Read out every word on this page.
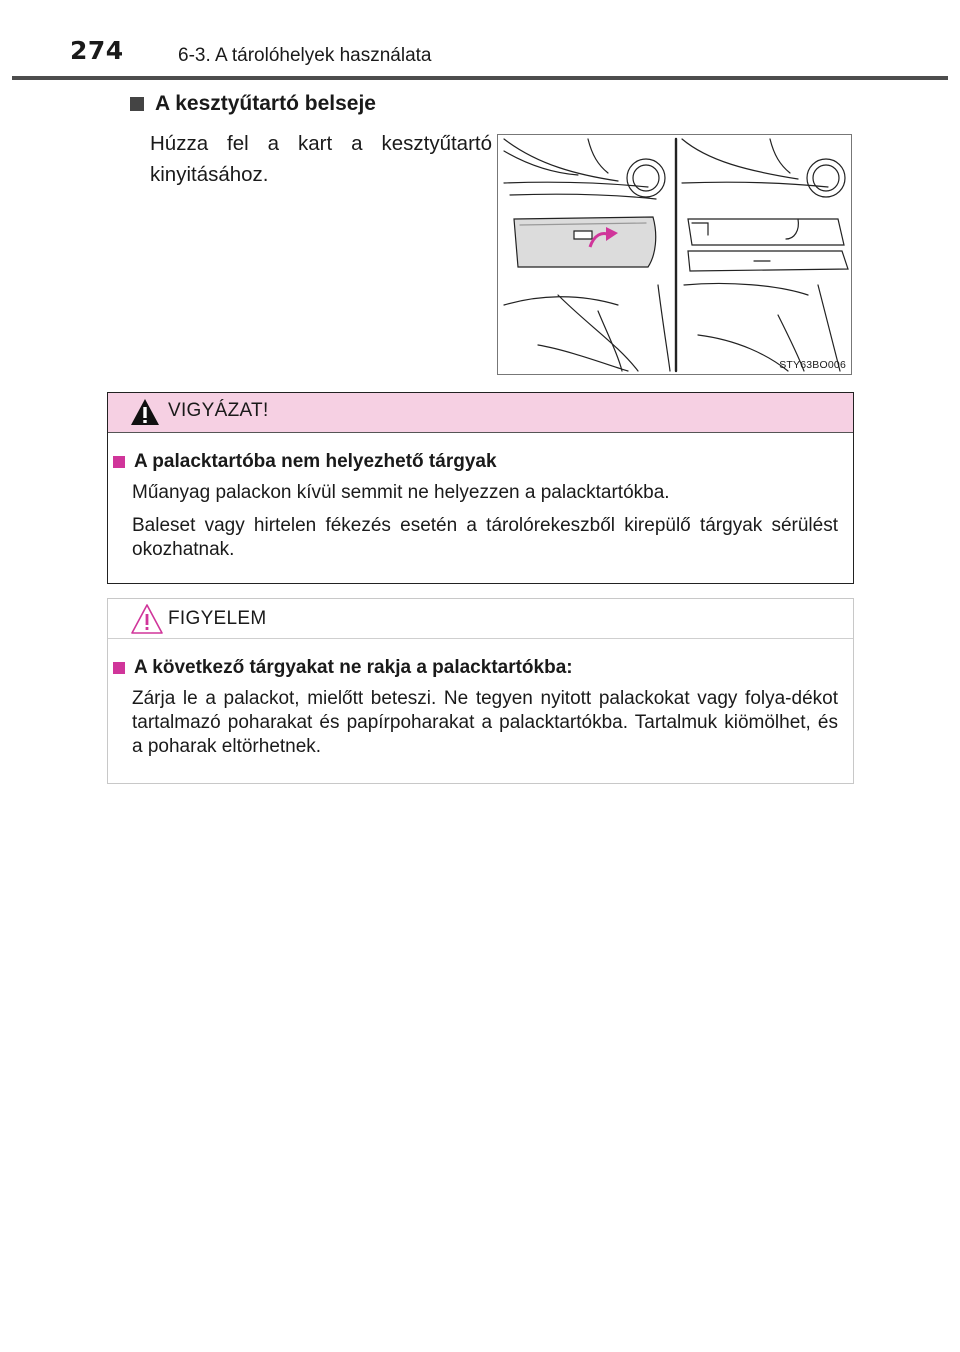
274	6-3. A tárolóhelyek használata
A kesztyűtartó belseje
Húzza fel a kart a kesztyűtartó kinyitásához.
STY63BO006
VIGYÁZAT!
A palacktartóba nem helyezhető tárgyak
Műanyag palackon kívül semmit ne helyezzen a palacktartókba.
Baleset vagy hirtelen fékezés esetén a tárolórekeszből kirepülő tárgyak sérülést okozhatnak.
FIGYELEM
A következő tárgyakat ne rakja a palacktartókba:
Zárja le a palackot, mielőtt beteszi. Ne tegyen nyitott palackokat vagy folya-dékot tartalmazó poharakat és papírpoharakat a palacktartókba. Tartalmuk kiömölhet, és a poharak eltörhetnek.
